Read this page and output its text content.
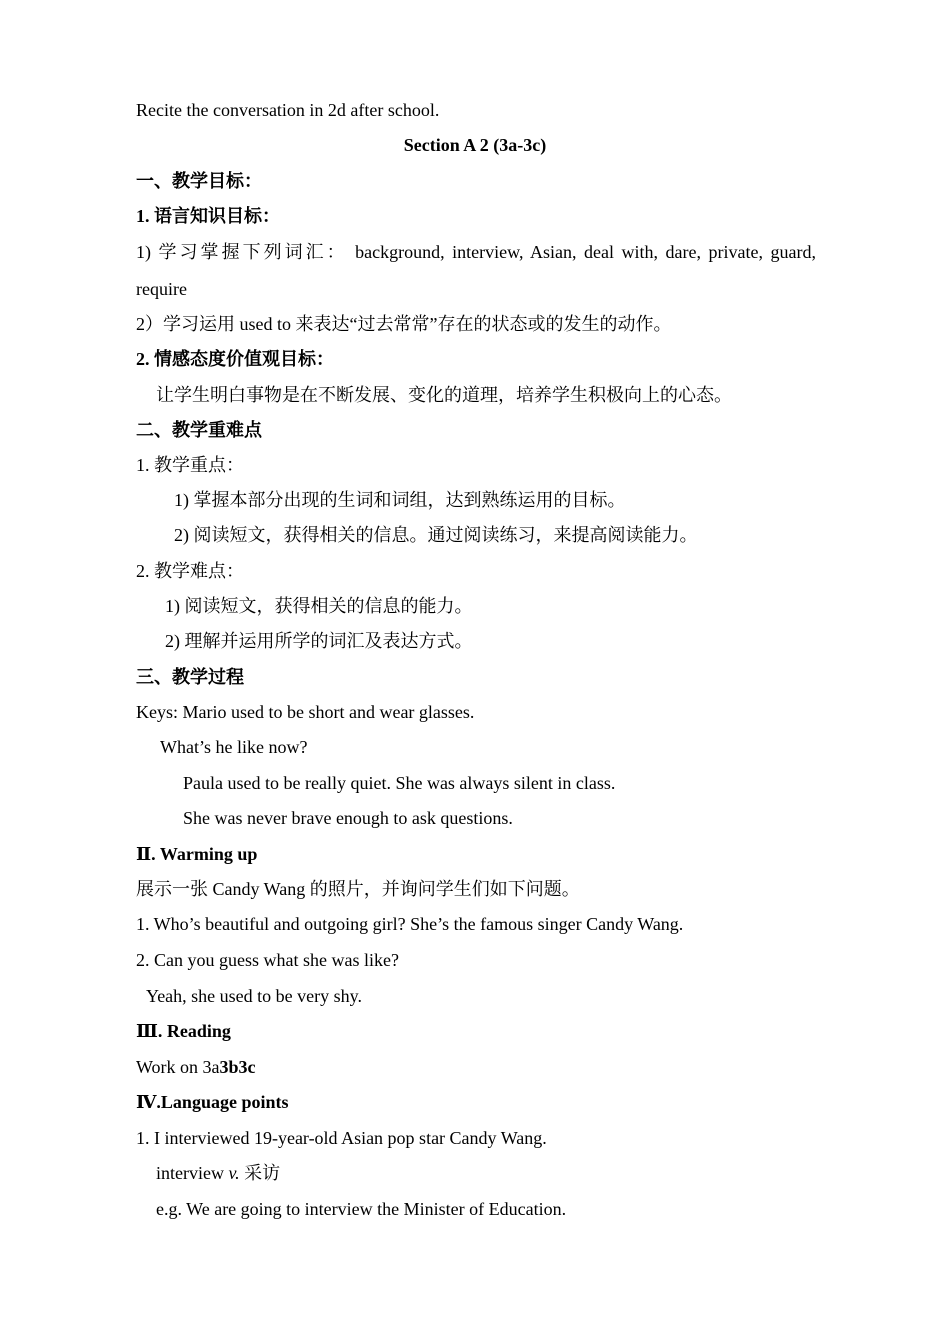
Recite the conversation in 2d after school.
Section A 2 (3a-3c)
一、教学目标：
1. 语言知识目标：
1) 学习掌握下列词汇： background, interview, Asian, deal with, dare, private, guard,
require
2）学习运用 used to 来表达“过去常常”存在的状态或的发生的动作。
2. 情感态度价值观目标：
让学生明白事物是在不断发展、变化的道理，培养学生积极向上的心态。
二、教学重难点
1. 教学重点：
1) 掌握本部分出现的生词和词组，达到熟练运用的目标。
2) 阅读短文，获得相关的信息。通过阅读练习，来提高阅读能力。
2. 教学难点：
1) 阅读短文，获得相关的信息的能力。
2) 理解并运用所学的词汇及表达方式。
三、教学过程
Keys: Mario used to be short and wear glasses.
What’s he like now?
Paula used to be really quiet. She was always silent in class.
She was never brave enough to ask questions.
Ⅱ. Warming up
展示一张 Candy Wang 的照片，并询问学生们如下问题。
1. Who’s beautiful and outgoing girl? She’s the famous singer Candy Wang.
2. Can you guess what she was like?
Yeah, she used to be very shy.
Ⅲ. Reading
Work on 3a3b3c
Ⅳ.Language points
1. I interviewed 19-year-old Asian pop star Candy Wang.
interview v. 采访
e.g. We are going to interview the Minister of Education.
